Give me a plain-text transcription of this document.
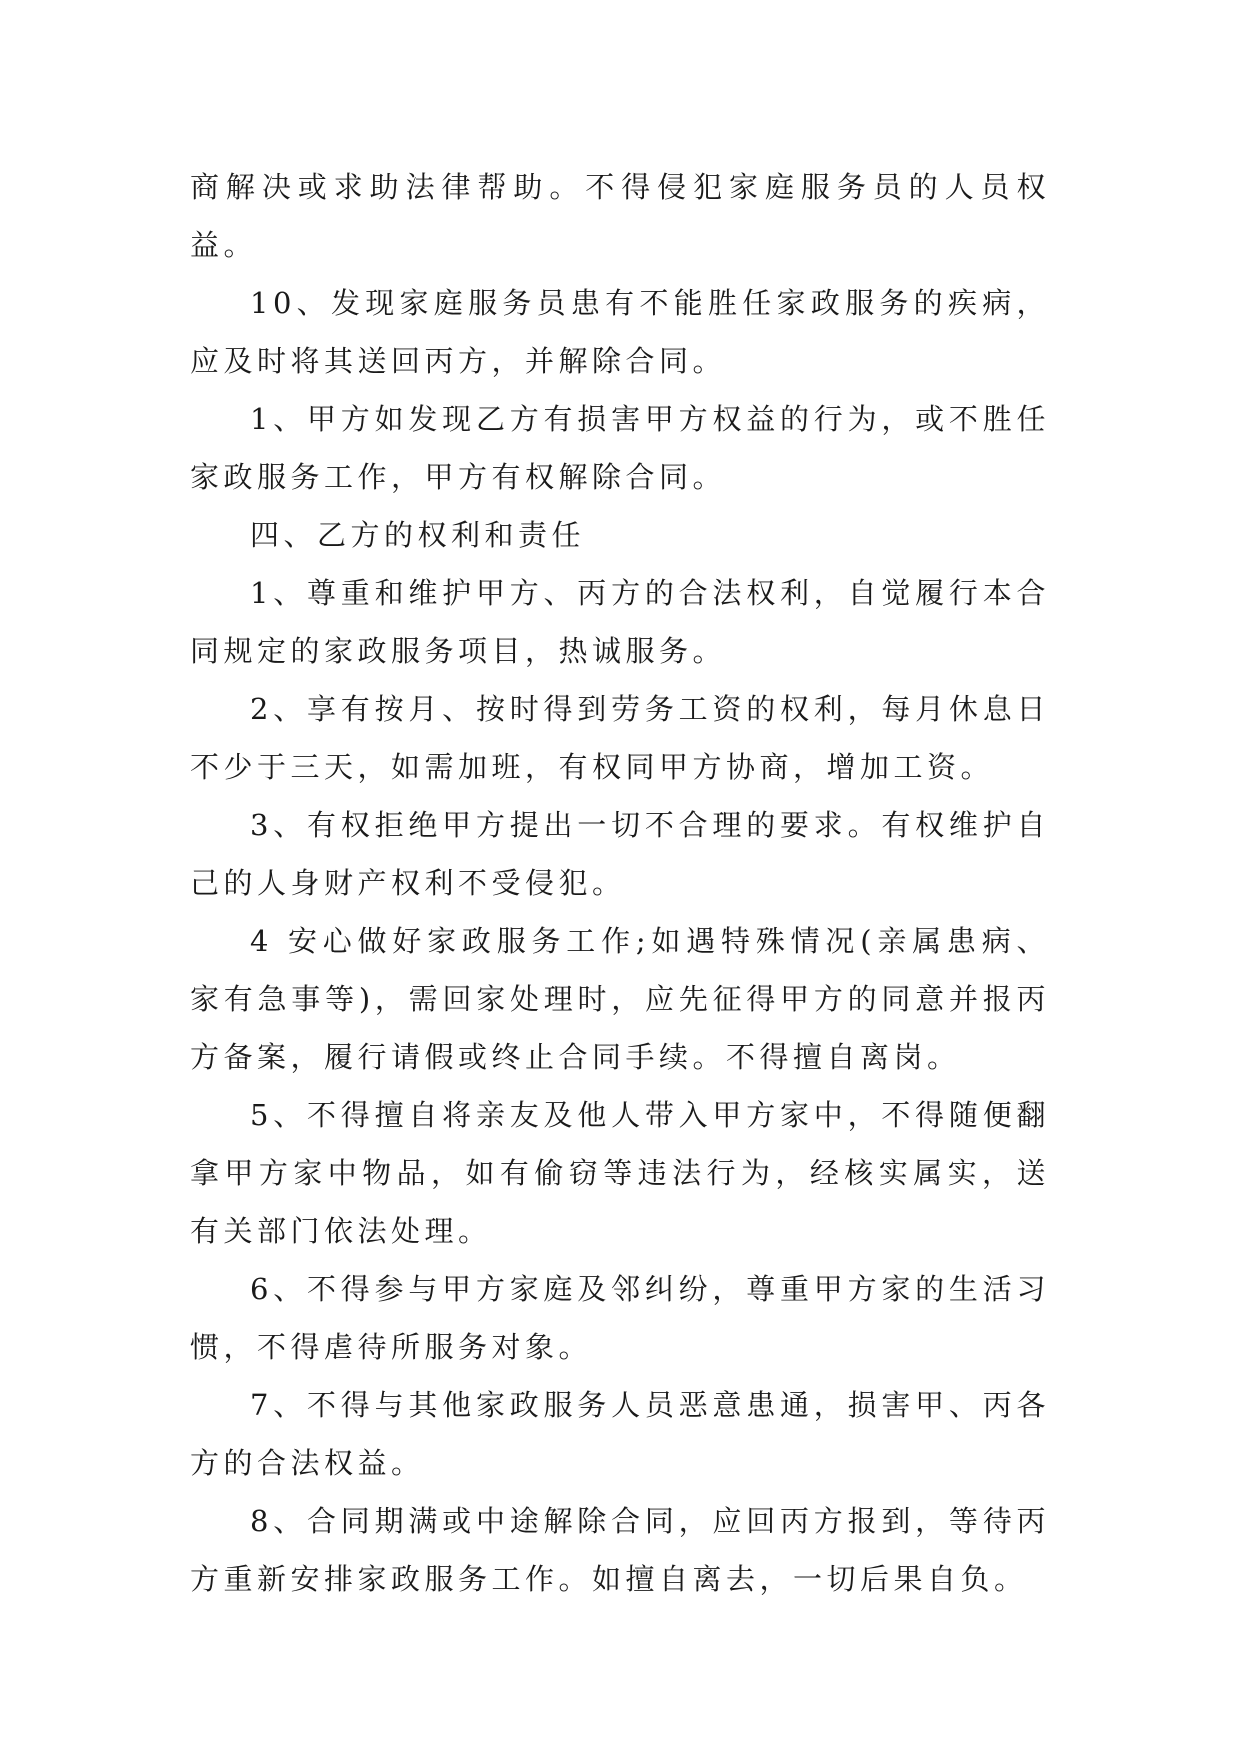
商解决或求助法律帮助。不得侵犯家庭服务员的人员权益。

10、发现家庭服务员患有不能胜任家政服务的疾病，应及时将其送回丙方，并解除合同。

1、甲方如发现乙方有损害甲方权益的行为，或不胜任家政服务工作，甲方有权解除合同。

四、乙方的权利和责任

1、尊重和维护甲方、丙方的合法权利，自觉履行本合同规定的家政服务项目，热诚服务。

2、享有按月、按时得到劳务工资的权利，每月休息日不少于三天，如需加班，有权同甲方协商，增加工资。

3、有权拒绝甲方提出一切不合理的要求。有权维护自己的人身财产权利不受侵犯。

4 安心做好家政服务工作;如遇特殊情况(亲属患病、家有急事等)，需回家处理时，应先征得甲方的同意并报丙方备案，履行请假或终止合同手续。不得擅自离岗。

5、不得擅自将亲友及他人带入甲方家中，不得随便翻拿甲方家中物品，如有偷窃等违法行为，经核实属实，送有关部门依法处理。

6、不得参与甲方家庭及邻纠纷，尊重甲方家的生活习惯，不得虐待所服务对象。

7、不得与其他家政服务人员恶意患通，损害甲、丙各方的合法权益。

8、合同期满或中途解除合同，应回丙方报到，等待丙方重新安排家政服务工作。如擅自离去，一切后果自负。
